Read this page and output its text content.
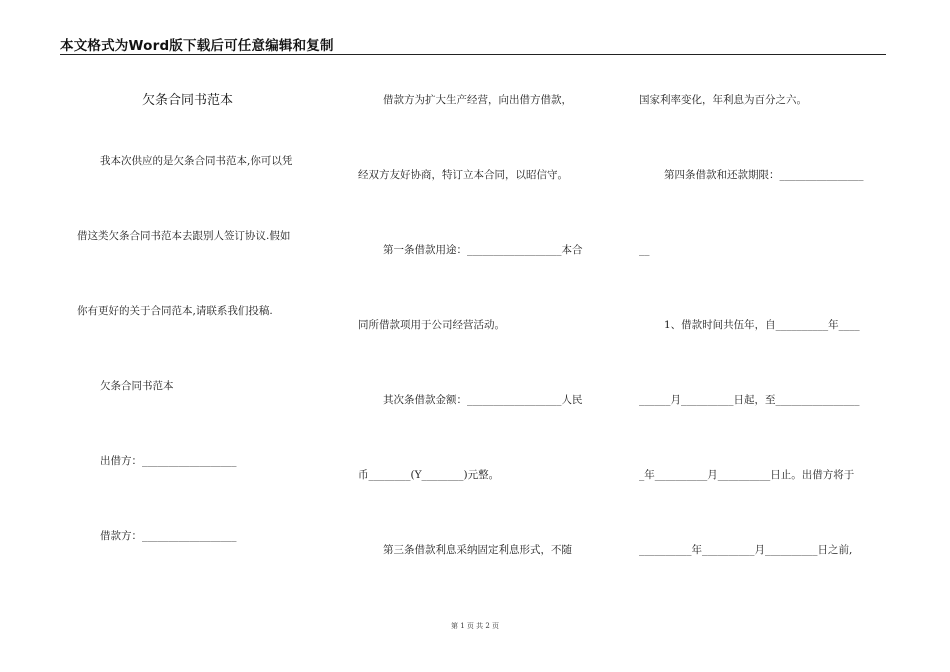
本文格式为Word版下载后可任意编辑和复制
欠条合同书范本
我本次供应的是欠条合同书范本,你可以凭
借这类欠条合同书范本去跟别人签订协议.假如
你有更好的关于合同范本,请联系我们投稿.
欠条合同书范本
出借方：__________________
借款方：__________________
借款方为扩大生产经营，向出借方借款，
经双方友好协商，特订立本合同，以昭信守。
第一条借款用途：__________________本合
同所借款项用于公司经营活动。
其次条借款金额：__________________人民
币________(Y________)元整。
第三条借款利息采纳固定利息形式，不随
国家利率变化，年利息为百分之六。
第四条借款和还款期限：________________
__
1、借款时间共伍年，自__________年____
______月__________日起，至________________
_年__________月__________日止。出借方将于
__________年__________月__________日之前,
第 1 页 共 2 页
